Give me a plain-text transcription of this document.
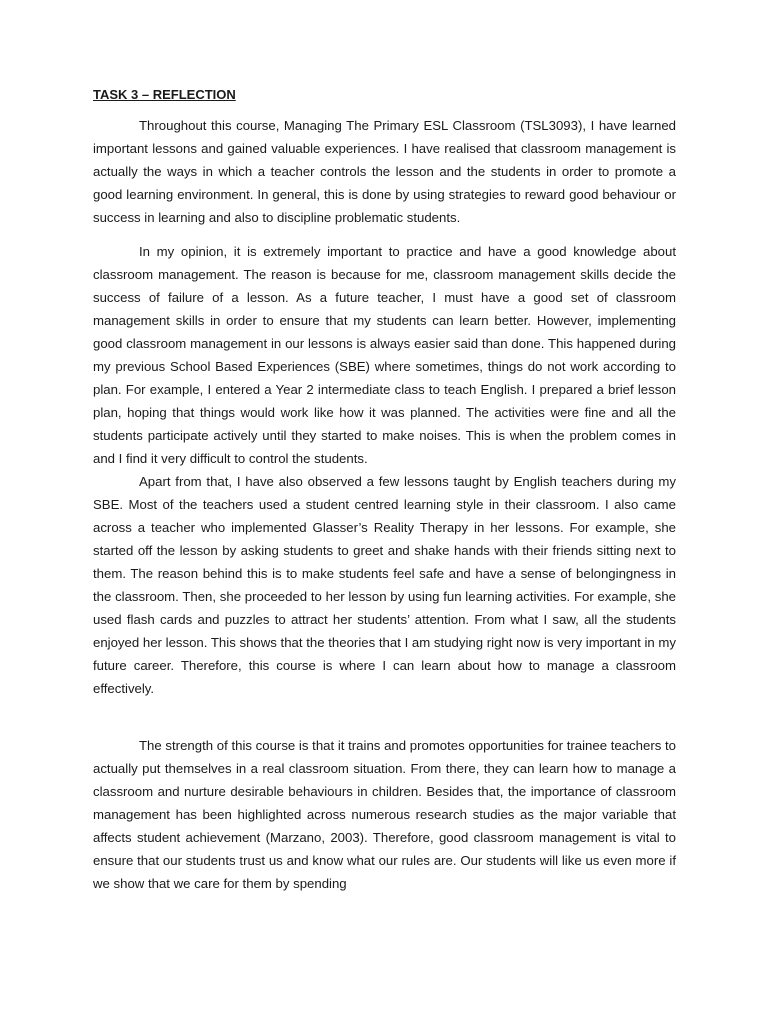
TASK 3 – REFLECTION

Throughout this course, Managing The Primary ESL Classroom (TSL3093), I have learned important lessons and gained valuable experiences. I have realised that classroom management is actually the ways in which a teacher controls the lesson and the students in order to promote a good learning environment. In general, this is done by using strategies to reward good behaviour or success in learning and also to discipline problematic students.

In my opinion, it is extremely important to practice and have a good knowledge about classroom management. The reason is because for me, classroom management skills decide the success of failure of a lesson. As a future teacher, I must have a good set of classroom management skills in order to ensure that my students can learn better. However, implementing good classroom management in our lessons is always easier said than done. This happened during my previous School Based Experiences (SBE) where sometimes, things do not work according to plan. For example, I entered a Year 2 intermediate class to teach English. I prepared a brief lesson plan, hoping that things would work like how it was planned. The activities were fine and all the students participate actively until they started to make noises. This is when the problem comes in and I find it very difficult to control the students.

Apart from that, I have also observed a few lessons taught by English teachers during my SBE. Most of the teachers used a student centred learning style in their classroom. I also came across a teacher who implemented Glasser’s Reality Therapy in her lessons. For example, she started off the lesson by asking students to greet and shake hands with their friends sitting next to them. The reason behind this is to make students feel safe and have a sense of belongingness in the classroom. Then, she proceeded to her lesson by using fun learning activities. For example, she used flash cards and puzzles to attract her students’ attention. From what I saw, all the students enjoyed her lesson. This shows that the theories that I am studying right now is very important in my future career. Therefore, this course is where I can learn about how to manage a classroom effectively.

The strength of this course is that it trains and promotes opportunities for trainee teachers to actually put themselves in a real classroom situation. From there, they can learn how to manage a classroom and nurture desirable behaviours in children. Besides that, the importance of classroom management has been highlighted across numerous research studies as the major variable that affects student achievement (Marzano, 2003). Therefore, good classroom management is vital to ensure that our students trust us and know what our rules are. Our students will like us even more if we show that we care for them by spending
